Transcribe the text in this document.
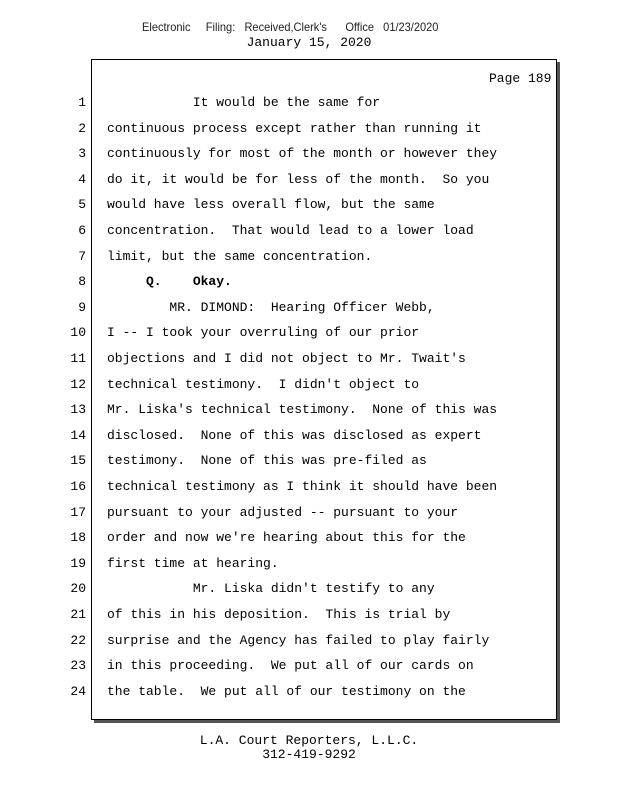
Electronic     Filing:   Received,Clerk's      Office   01/23/2020
January 15, 2020
Page 189
1 It would be the same for
2 continuous process except rather than running it
3 continuously for most of the month or however they
4 do it, it would be for less of the month.  So you
5 would have less overall flow, but the same
6 concentration.  That would lead to a lower load
7 limit, but the same concentration.
8 Q.    Okay.
9 MR. DIMOND:  Hearing Officer Webb,
10 I -- I took your overruling of our prior
11 objections and I did not object to Mr. Twait's
12 technical testimony.  I didn't object to
13 Mr. Liska's technical testimony.  None of this was
14 disclosed.  None of this was disclosed as expert
15 testimony.  None of this was pre-filed as
16 technical testimony as I think it should have been
17 pursuant to your adjusted -- pursuant to your
18 order and now we're hearing about this for the
19 first time at hearing.
20 Mr. Liska didn't testify to any
21 of this in his deposition.  This is trial by
22 surprise and the Agency has failed to play fairly
23 in this proceeding.  We put all of our cards on
24 the table.  We put all of our testimony on the
L.A. Court Reporters, L.L.C.
312-419-9292
